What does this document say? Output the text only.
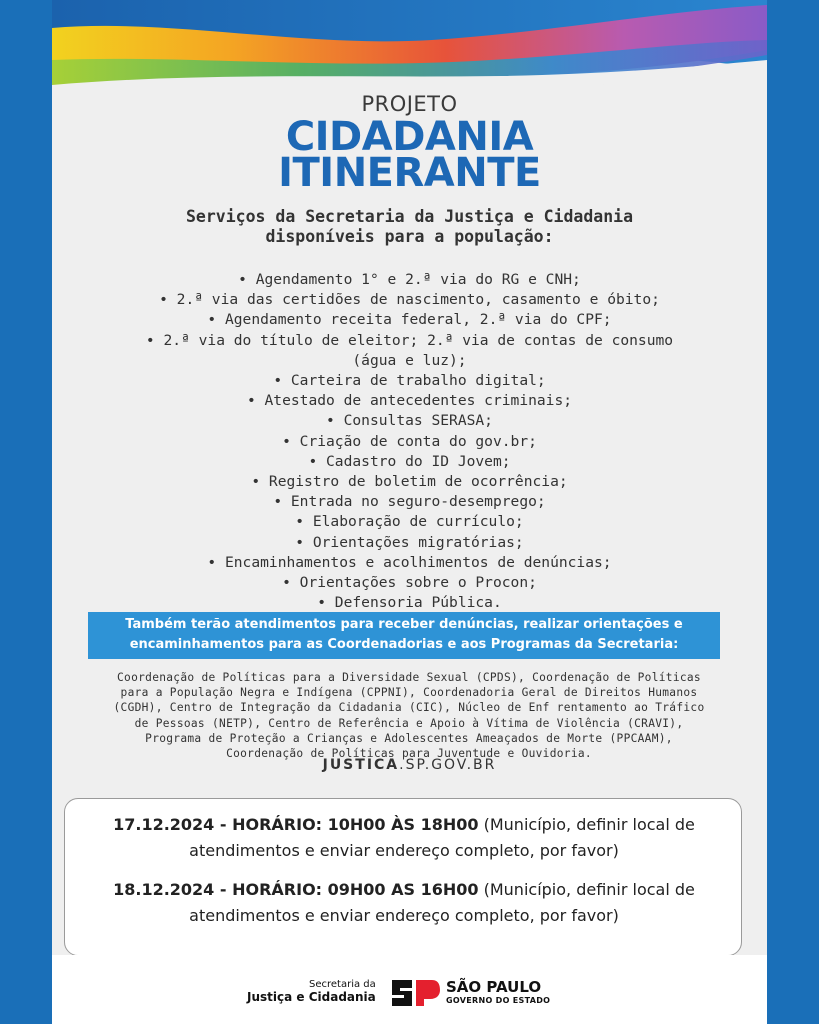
PROJETO
CIDADANIA
ITINERANTE
Serviços da Secretaria da Justiça e Cidadania
disponíveis para a população:
• Agendamento 1° e 2.ª via do RG e CNH;
• 2.ª via das certidões de nascimento, casamento e óbito;
• Agendamento receita federal, 2.ª via do CPF;
• 2.ª via do título de eleitor; 2.ª via de contas de consumo
(água e luz);
• Carteira de trabalho digital;
• Atestado de antecedentes criminais;
• Consultas SERASA;
• Criação de conta do gov.br;
• Cadastro do ID Jovem;
• Registro de boletim de ocorrência;
• Entrada no seguro-desemprego;
• Elaboração de currículo;
• Orientações migratórias;
• Encaminhamentos e acolhimentos de denúncias;
• Orientações sobre o Procon;
• Defensoria Pública.
Também terão atendimentos para receber denúncias, realizar orientações e
encaminhamentos para as Coordenadorias e aos Programas da Secretaria:
Coordenação de Políticas para a Diversidade Sexual (CPDS), Coordenação de Políticas
para a População Negra e Indígena (CPPNI), Coordenadoria Geral de Direitos Humanos
(CGDH), Centro de Integração da Cidadania (CIC), Núcleo de Enf rentamento ao Tráfico
de Pessoas (NETP), Centro de Referência e Apoio à Vítima de Violência (CRAVI),
Programa de Proteção a Crianças e Adolescentes Ameaçados de Morte (PPCAAM),
Coordenação de Políticas para Juventude e Ouvidoria.
JUSTICA.SP.GOV.BR
17.12.2024 - HORÁRIO: 10H00 ÀS 18H00 (Município, definir local de
atendimentos e enviar endereço completo, por favor)
18.12.2024 - HORÁRIO: 09H00 AS 16H00 (Município, definir local de
atendimentos e enviar endereço completo, por favor)
Secretaria da
Justiça e Cidadania
SÃO PAULO
GOVERNO DO ESTADO
